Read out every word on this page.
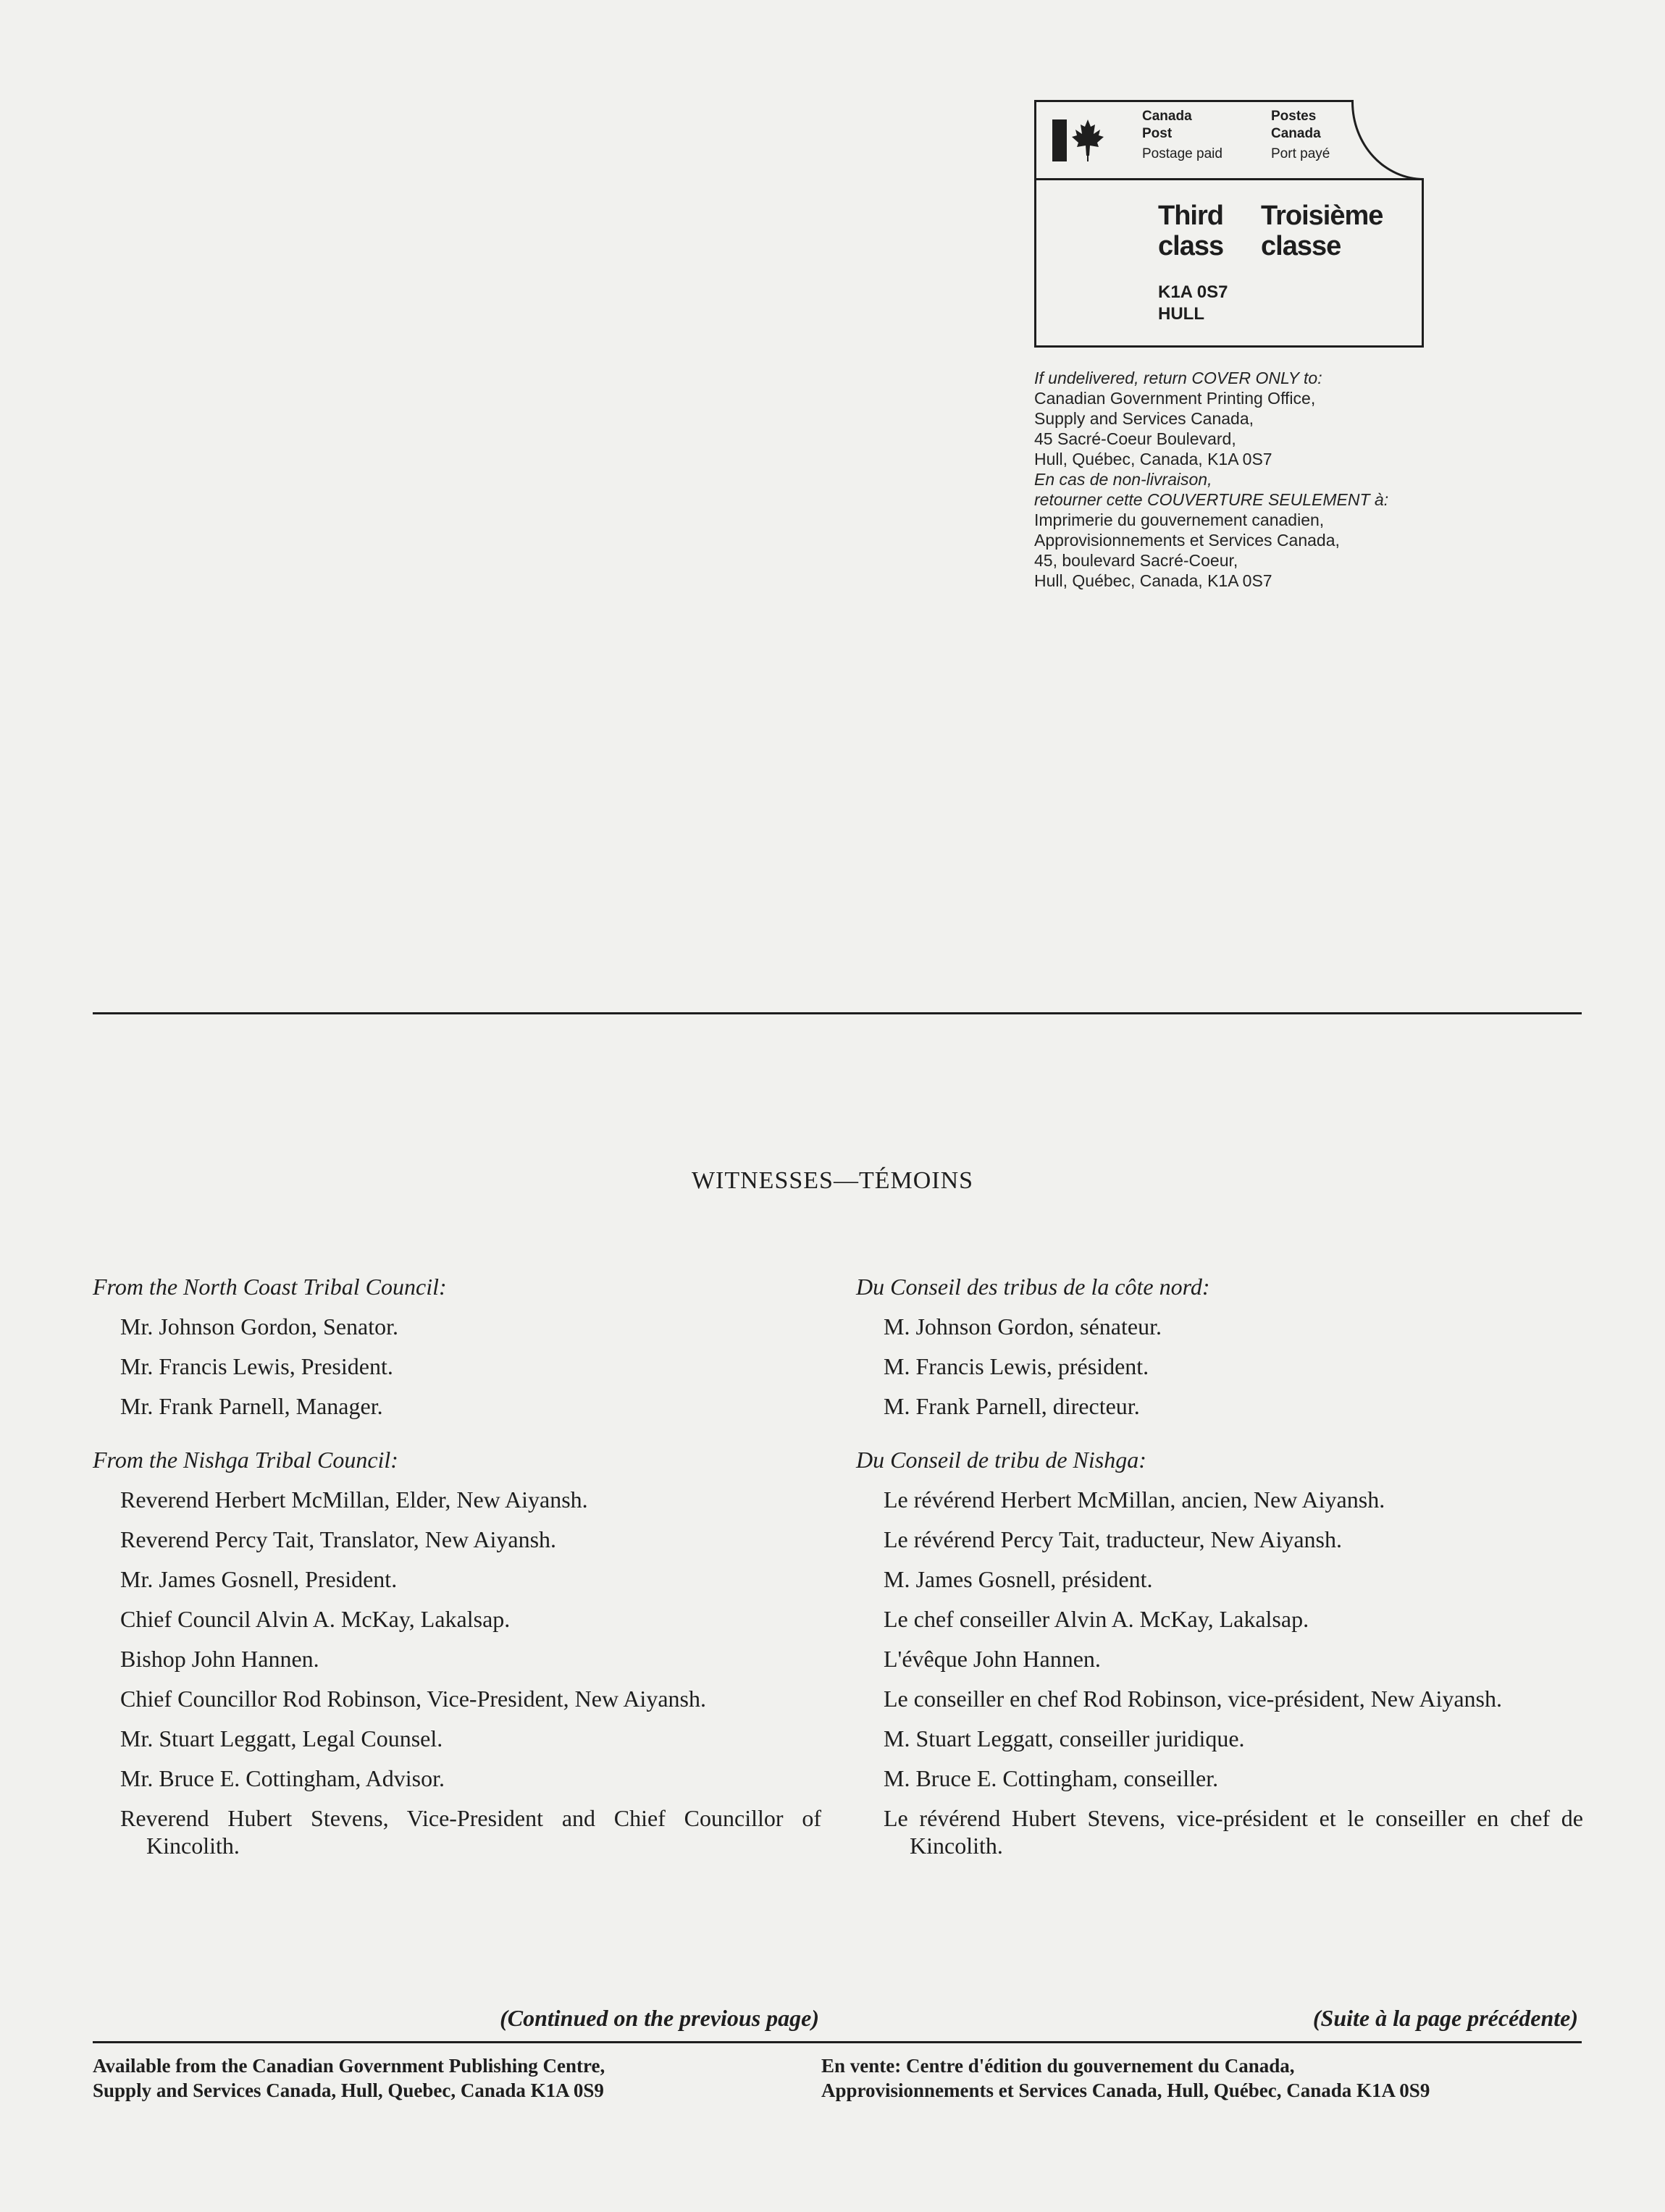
Canada
Post
Postage paid
Postes
Canada
Port payé
Third
class
Troisième
classe
K1A 0S7
HULL
If undelivered, return COVER ONLY to:
Canadian Government Printing Office,
Supply and Services Canada,
45 Sacré-Coeur Boulevard,
Hull, Québec, Canada, K1A 0S7
En cas de non-livraison,
retourner cette COUVERTURE SEULEMENT à:
Imprimerie du gouvernement canadien,
Approvisionnements et Services Canada,
45, boulevard Sacré-Coeur,
Hull, Québec, Canada, K1A 0S7
WITNESSES—TÉMOINS
From the North Coast Tribal Council:
Mr. Johnson Gordon, Senator.
Mr. Francis Lewis, President.
Mr. Frank Parnell, Manager.
From the Nishga Tribal Council:
Reverend Herbert McMillan, Elder, New Aiyansh.
Reverend Percy Tait, Translator, New Aiyansh.
Mr. James Gosnell, President.
Chief Council Alvin A. McKay, Lakalsap.
Bishop John Hannen.
Chief Councillor Rod Robinson, Vice-President, New Aiyansh.
Mr. Stuart Leggatt, Legal Counsel.
Mr. Bruce E. Cottingham, Advisor.
Reverend Hubert Stevens, Vice-President and Chief Councillor of Kincolith.
Du Conseil des tribus de la côte nord:
M. Johnson Gordon, sénateur.
M. Francis Lewis, président.
M. Frank Parnell, directeur.
Du Conseil de tribu de Nishga:
Le révérend Herbert McMillan, ancien, New Aiyansh.
Le révérend Percy Tait, traducteur, New Aiyansh.
M. James Gosnell, président.
Le chef conseiller Alvin A. McKay, Lakalsap.
L'évêque John Hannen.
Le conseiller en chef Rod Robinson, vice-président, New Aiyansh.
M. Stuart Leggatt, conseiller juridique.
M. Bruce E. Cottingham, conseiller.
Le révérend Hubert Stevens, vice-président et le conseiller en chef de Kincolith.
(Continued on the previous page)	(Suite à la page précédente)
Available from the Canadian Government Publishing Centre,
Supply and Services Canada, Hull, Quebec, Canada K1A 0S9
En vente: Centre d'édition du gouvernement du Canada,
Approvisionnements et Services Canada, Hull, Québec, Canada K1A 0S9
